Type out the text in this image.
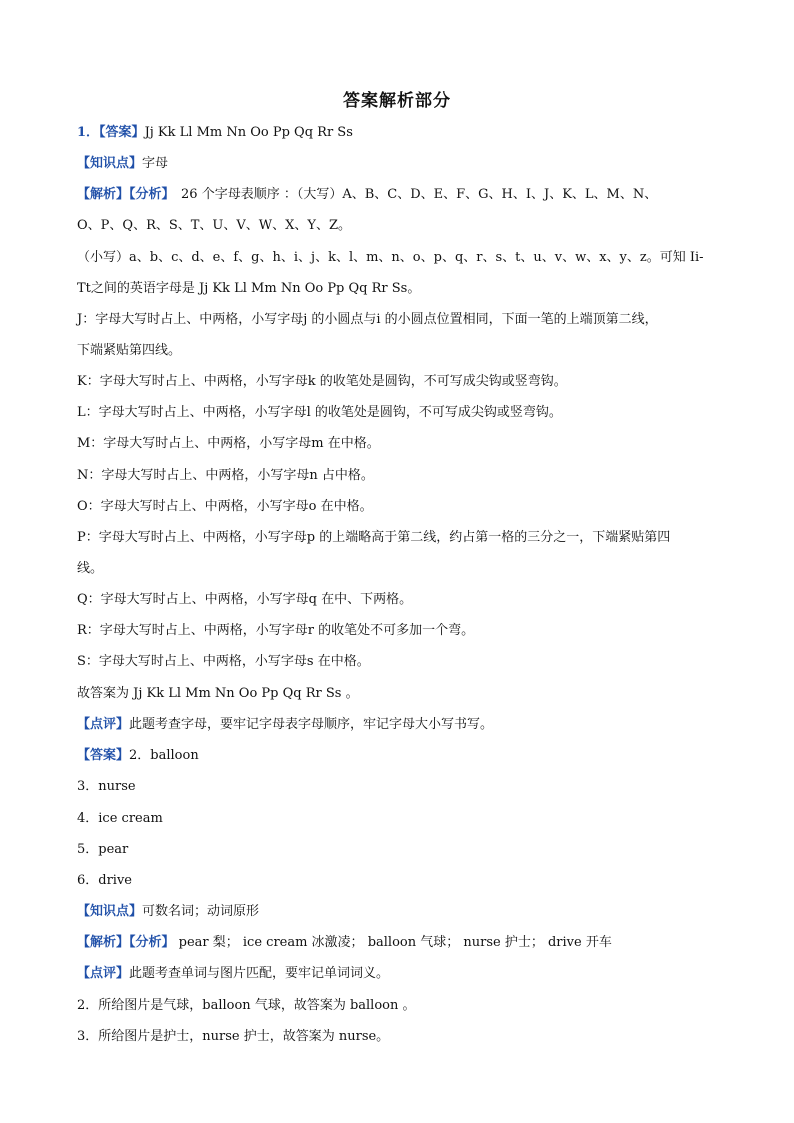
答案解析部分
1．【答案】Jj Kk Ll Mm Nn Oo Pp Qq Rr Ss
【知识点】字母
【解析】【分析】　26 个字母表顺序 ：（大写）A、B、C、D、E、F、G、H、I、J、K、L、M、N、
O、P、Q、R、S、T、U、V、W、X、Y、Z。
（小写）a、b、c、d、e、f、g、h、i、j、k、l、m、n、o、p、q、r、s、t、u、v、w、x、y、z。可知 Ii-
Tt之间的英语字母是 Jj Kk Ll Mm Nn Oo Pp Qq Rr Ss。
J：字母大写时占上、中两格，小写字母j 的小圆点与i 的小圆点位置相同，下面一笔的上端顶第二线，
下端紧贴第四线。
K：字母大写时占上、中两格，小写字母k 的收笔处是圆钩，不可写成尖钩或竖弯钩。
L：字母大写时占上、中两格，小写字母l 的收笔处是圆钩，不可写成尖钩或竖弯钩。
M：字母大写时占上、中两格，小写字母m 在中格。
N：字母大写时占上、中两格，小写字母n 占中格。
O：字母大写时占上、中两格，小写字母o 在中格。
P：字母大写时占上、中两格，小写字母p 的上端略高于第二线，约占第一格的三分之一，下端紧贴第四
线。
Q：字母大写时占上、中两格，小写字母q 在中、下两格。
R：字母大写时占上、中两格，小写字母r 的收笔处不可多加一个弯。
S：字母大写时占上、中两格，小写字母s 在中格。
故答案为 Jj Kk Ll Mm Nn Oo Pp Qq Rr Ss 。
【点评】此题考查字母，要牢记字母表字母顺序，牢记字母大小写书写。
【答案】2．balloon
3．nurse
4．ice cream
5．pear
6．drive
【知识点】可数名词；动词原形
【解析】【分析】 pear 梨； ice cream 冰激凌； balloon 气球； nurse 护士； drive 开车
【点评】此题考查单词与图片匹配，要牢记单词词义。
2．所给图片是气球，balloon 气球，故答案为 balloon 。
3．所给图片是护士，nurse 护士，故答案为 nurse。
